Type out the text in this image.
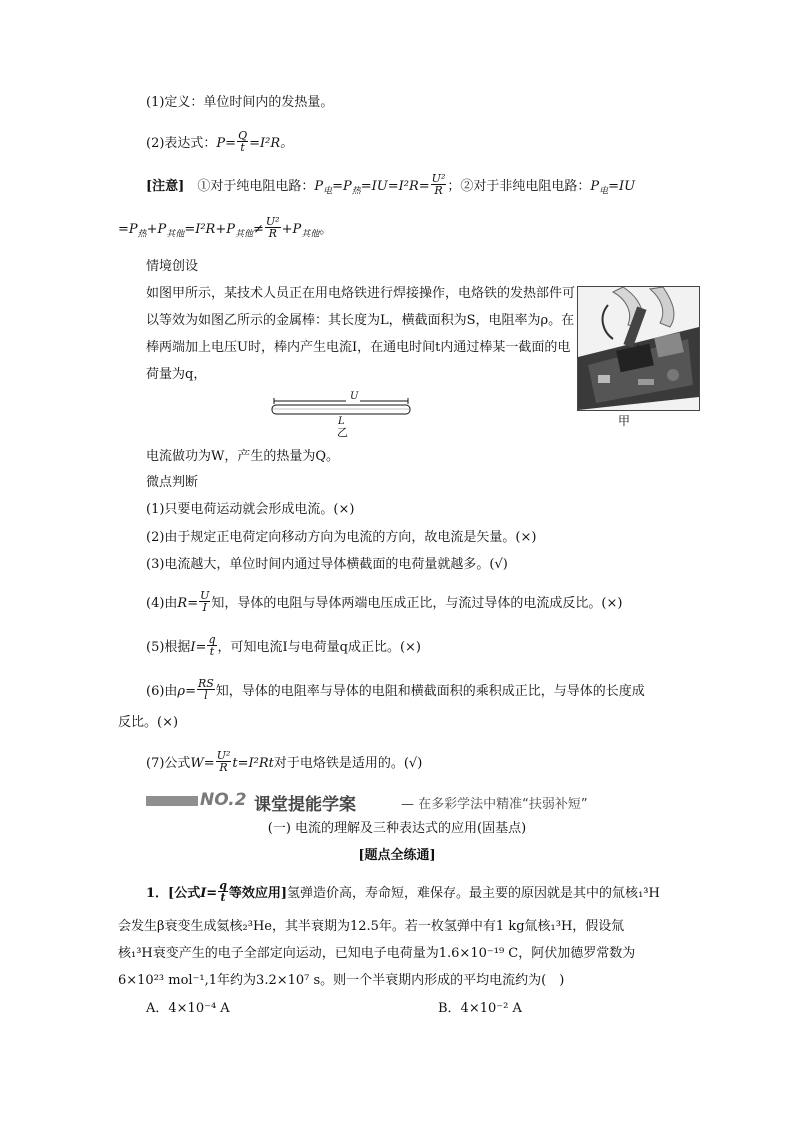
(1)定义：单位时间内的发热量。
(2)表达式：$P= \frac{Q}{t} =I^2R$。
[注意]　 ①对于纯电阻电路：$P_电=P_热=IU=I^2R= \frac{\text{U²}}{R}$ ；②对于非纯电阻电路：$P_电=IU$
$=P_热+P_{其他}=I^2R+P_{其他}\ne \frac{\text{U²}}{R} +P_{其他}$。
情境创设
如图甲所示，某技术人员正在用电烙铁进行焊接操作，电烙铁的发热部件可以等效为如图乙所示的金属棒：其长度为L，横截面积为S，电阻率为ρ。在棒两端加上电压U时，棒内产生电流I，在通电时间t内通过棒某一截面的电荷量为q，
甲
U
L
乙
电流做功为W，产生的热量为Q。
微点判断
(1)只要电荷运动就会形成电流。(×)
(2)由于规定正电荷定向移动方向为电流的方向，故电流是矢量。(×)
(3)电流越大，单位时间内通过导体横截面的电荷量就越多。(√)
(4)由$R= \frac{U}{I}$ 知，导体的电阻与导体两端电压成正比，与流过导体的电流成反比。(×)
(5)根据$I= \frac{q}{t}$ ，可知电流I与电荷量q成正比。(×)
(6)由$\rho= \frac{RS}{l}$ 知，导体的电阻率与导体的电阻和横截面积的乘积成正比，与导体的长度成
反比。(×)
(7)公式$W= \frac{\text{U²}}{R} t=I^2Rt$对于电烙铁是适用的。(√)
NO.2 课堂提能学案	— 在多彩学法中精准“扶弱补短”
(一) 电流的理解及三种表达式的应用(固基点)
[题点全练通]
1．[公式$I= \frac{q}{t}$ 等效应用]氢弹造价高，寿命短，难保存。最主要的原因就是其中的氚核₁³H
会发生β衰变生成氦核₂³He，其半衰期为12.5年。若一枚氢弹中有1 kg氚核₁³H，假设氚
核₁³H衰变产生的电子全部定向运动，已知电子电荷量为1.6×10⁻¹⁹ C，阿伏加德罗常数为
6×10²³ mol⁻¹,1年约为3.2×10⁷ s。则一个半衰期内形成的平均电流约为(　)
A．4×10⁻⁴ A	B．4×10⁻² A
